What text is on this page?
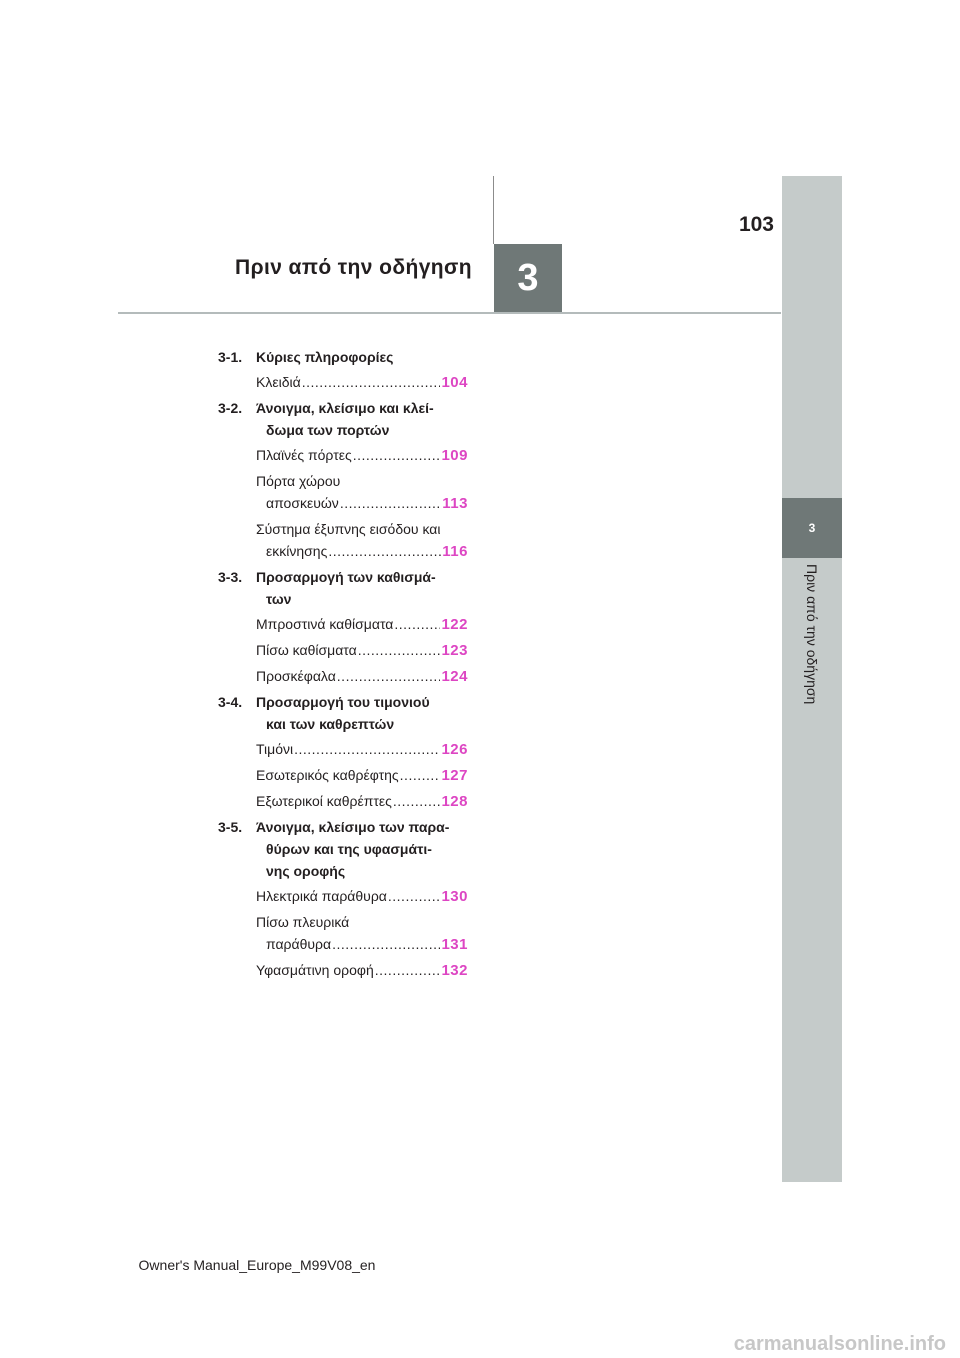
103
3
Πριν από την οδήγηση
3
Πριν από την οδήγηση
3-1. Κύριες πληροφορίες
Κλειδιά .....	104
3-2. Άνοιγμα, κλείσιμο και κλεί-
δωμα των πορτών
Πλαϊνές πόρτες .....	109
Πόρτα χώρου
αποσκευών .....	113
Σύστημα έξυπνης εισόδου και
εκκίνησης .....	116
3-3. Προσαρμογή των καθισμά-
των
Μπροστινά καθίσματα .....	122
Πίσω καθίσματα .....	123
Προσκέφαλα .....	124
3-4. Προσαρμογή του τιμονιού
και των καθρεπτών
Τιμόνι .....	126
Εσωτερικός καθρέφτης .....	127
Εξωτερικοί καθρέπτες .....	128
3-5. Άνοιγμα, κλείσιμο των παρα-
θύρων και της υφασμάτι-
νης οροφής
Ηλεκτρικά παράθυρα .....	130
Πίσω πλευρικά
παράθυρα .....	131
Υφασμάτινη οροφή .....	132
Owner's Manual_Europe_M99V08_en
carmanualsonline.info
